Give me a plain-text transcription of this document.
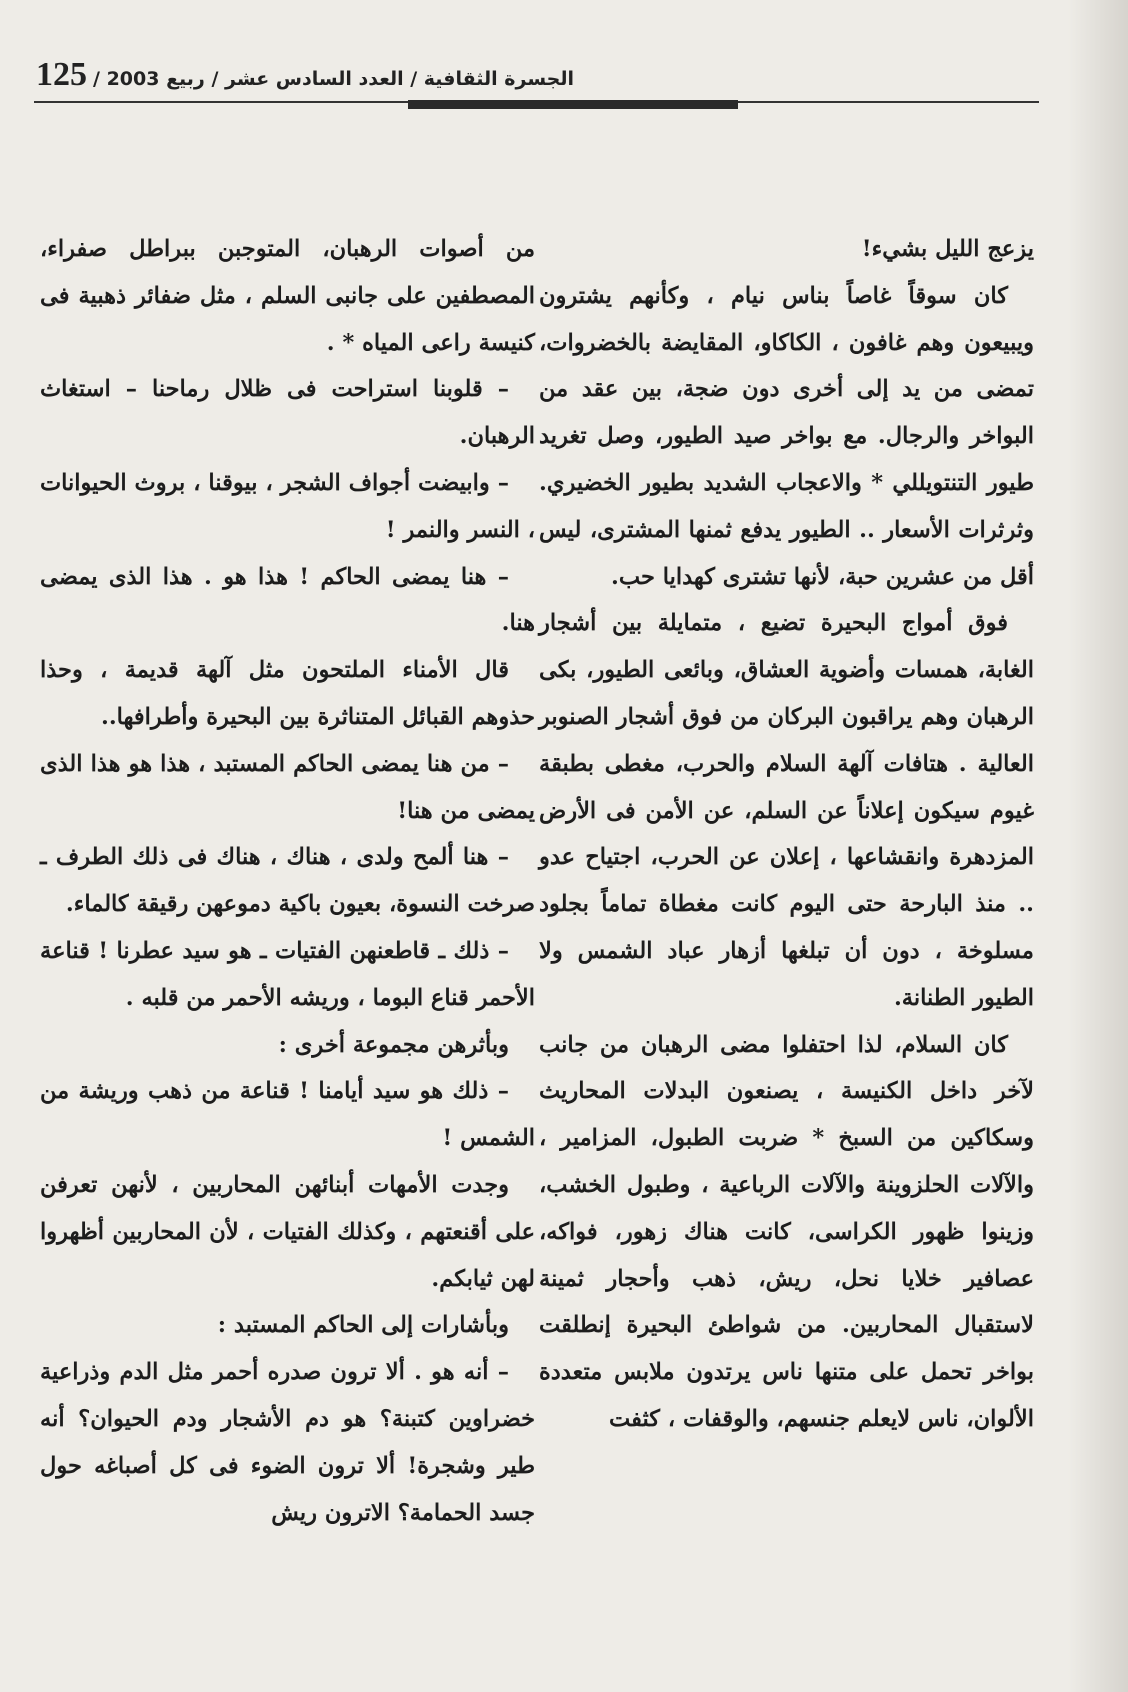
125 الجسرة الثقافية / العدد السادس عشر / ربيع 2003 /

يزعج الليل بشيء!

كان سوقاً غاصاً بناس نيام ، وكأنهم يشترون ويبيعون وهم غافون ، الكاكاو، المقايضة بالخضروات، تمضى من يد إلى أخرى دون ضجة، بين عقد من البواخر والرجال. مع بواخر صيد الطيور، وصل تغريد طيور التنتويللي * والاعجاب الشديد بطيور الخضيري. وثرثرات الأسعار .. الطيور يدفع ثمنها المشترى، ليس أقل من عشرين حبة، لأنها تشترى كهدايا حب.

فوق أمواج البحيرة تضيع ، متمايلة بين أشجار الغابة، همسات وأضوية العشاق، وبائعى الطيور، بكى الرهبان وهم يراقبون البركان من فوق أشجار الصنوبر العالية . هتافات آلهة السلام والحرب، مغطى بطبقة غيوم سيكون إعلاناً عن السلم، عن الأمن فى الأرض المزدهرة وانقشاعها ، إعلان عن الحرب، اجتياح عدو .. منذ البارحة حتى اليوم كانت مغطاة تماماً بجلود مسلوخة ، دون أن تبلغها أزهار عباد الشمس ولا الطيور الطنانة.

كان السلام، لذا احتفلوا مضى الرهبان من جانب لآخر داخل الكنيسة ، يصنعون البدلات المحاريث وسكاكين من السبخ * ضربت الطبول، المزامير ، والآلات الحلزوينة والآلات الرباعية ، وطبول الخشب، وزينوا ظهور الكراسى، كانت هناك زهور، فواكه، عصافير خلايا نحل، ريش، ذهب وأحجار ثمينة لاستقبال المحاربين. من شواطئ البحيرة إنطلقت بواخر تحمل على متنها ناس يرتدون ملابس متعددة الألوان، ناس لايعلم جنسهم، والوقفات ، كثفت

من أصوات الرهبان، المتوجبن ببراطل صفراء، المصطفين على جانبى السلم ، مثل ضفائر ذهبية فى كنيسة راعى المياه * .

– قلوبنا استراحت فى ظلال رماحنا – استغاث الرهبان.

– وابيضت أجواف الشجر ، بيوقنا ، بروث الحيوانات ، النسر والنمر !

– هنا يمضى الحاكم ! هذا هو . هذا الذى يمضى هنا.

قال الأمناء الملتحون مثل آلهة قديمة ، وحذا حذوهم القبائل المتناثرة بين البحيرة وأطرافها..

– من هنا يمضى الحاكم المستبد ، هذا هو هذا الذى يمضى من هنا!

– هنا ألمح ولدى ، هناك ، هناك فى ذلك الطرف ـ صرخت النسوة، بعيون باكية دموعهن رقيقة كالماء.

– ذلك ـ قاطعنهن الفتيات ـ هو سيد عطرنا ! قناعة الأحمر قناع البوما ، وريشه الأحمر من قلبه .

وبأثرهن مجموعة أخرى :

– ذلك هو سيد أيامنا ! قناعة من ذهب وريشة من الشمس !

وجدت الأمهات أبنائهن المحاربين ، لأنهن تعرفن على أقنعتهم ، وكذلك الفتيات ، لأن المحاربين أظهروا لهن ثيابكم.

وبأشارات إلى الحاكم المستبد :

– أنه هو . ألا ترون صدره أحمر مثل الدم وذراعية خضراوين كتبنة؟ هو دم الأشجار ودم الحيوان؟ أنه طير وشجرة! ألا ترون الضوء فى كل أصباغه حول جسد الحمامة؟ الاترون ريش
